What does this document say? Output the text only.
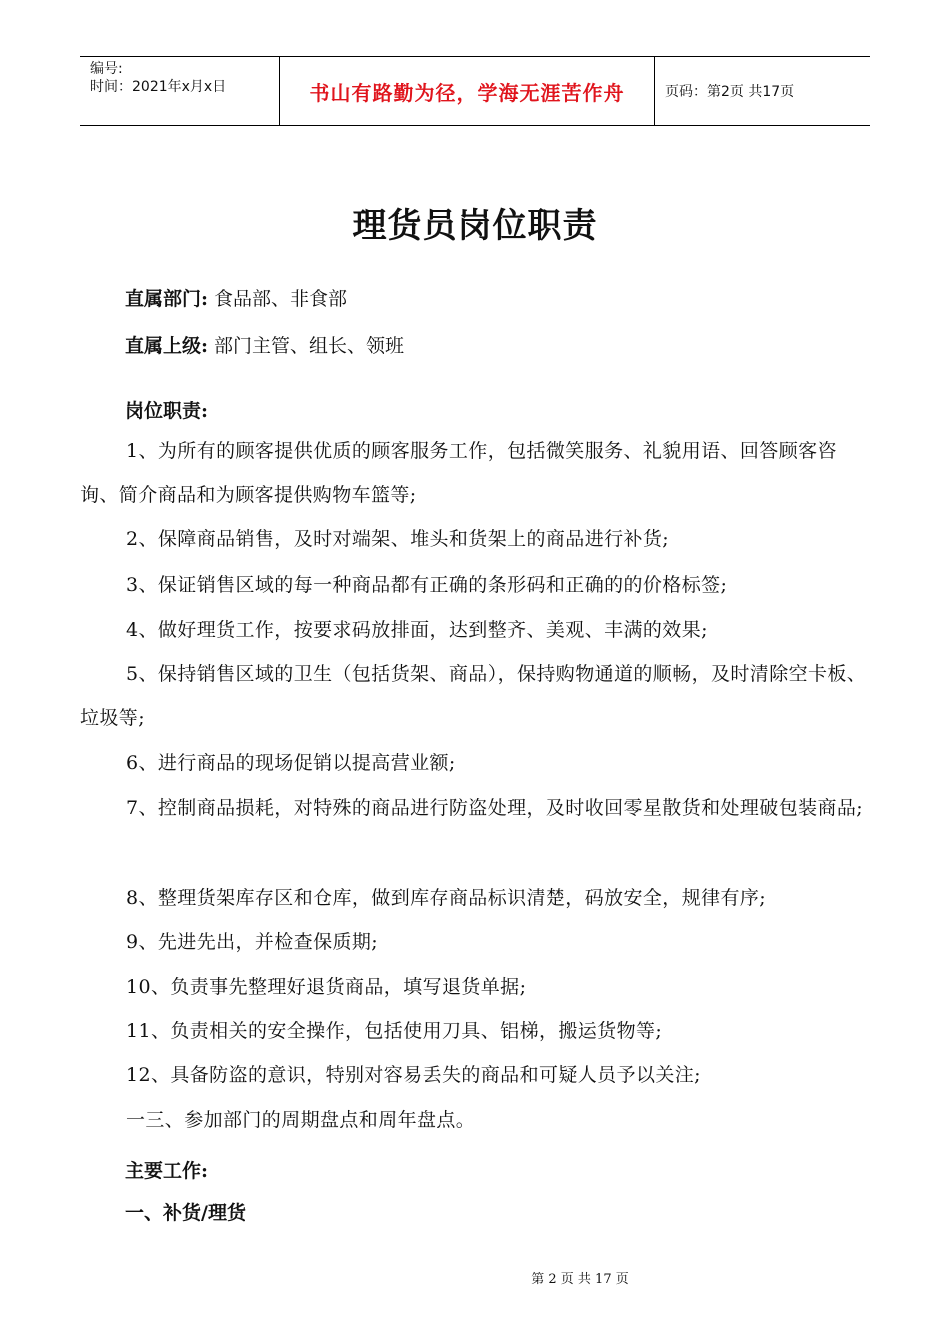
编号:
时间：2021年x月x日	书山有路勤为径，学海无涯苦作舟	页码：第2页 共17页
理货员岗位职责
直属部门: 食品部、非食部
直属上级: 部门主管、组长、领班
岗位职责:
1、为所有的顾客提供优质的顾客服务工作，包括微笑服务、礼貌用语、回答顾客咨询、简介商品和为顾客提供购物车篮等;
2、保障商品销售，及时对端架、堆头和货架上的商品进行补货;
3、保证销售区域的每一种商品都有正确的条形码和正确的的价格标签;
4、做好理货工作，按要求码放排面，达到整齐、美观、丰满的效果;
5、保持销售区域的卫生（包括货架、商品），保持购物通道的顺畅，及时清除空卡板、垃圾等;
6、进行商品的现场促销以提高营业额;
7、控制商品损耗，对特殊的商品进行防盗处理，及时收回零星散货和处理破包装商品;
8、整理货架库存区和仓库，做到库存商品标识清楚，码放安全，规律有序;
9、先进先出，并检查保质期;
10、负责事先整理好退货商品，填写退货单据;
11、负责相关的安全操作，包括使用刀具、铝梯，搬运货物等;
12、具备防盗的意识，特别对容易丢失的商品和可疑人员予以关注;
一三、参加部门的周期盘点和周年盘点。
主要工作:
一、补货/理货
第 2 页 共 17 页
